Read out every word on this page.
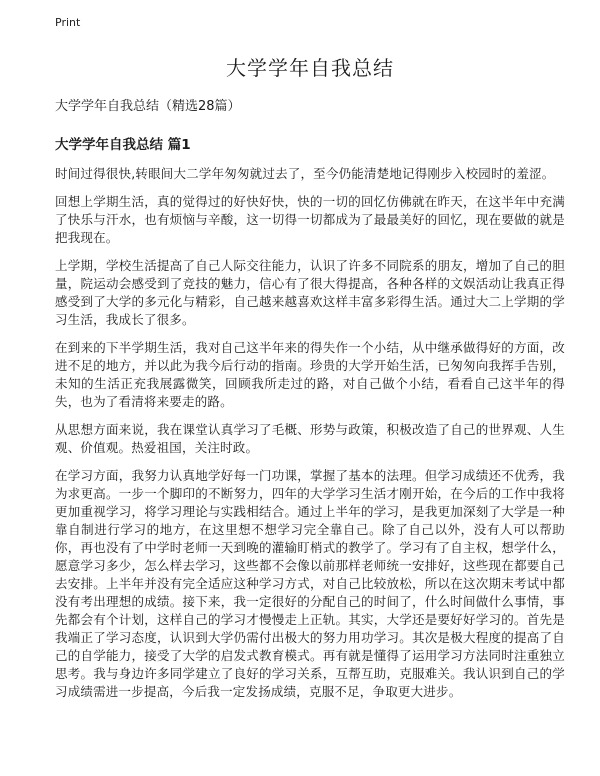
Print
大学学年自我总结

大学学年自我总结（精选28篇）

大学学年自我总结 篇1

时间过得很快,转眼间大二学年匆匆就过去了，至今仍能清楚地记得刚步入校园时的羞涩。

回想上学期生活，真的觉得过的好快好快，快的一切的回忆仿佛就在昨天，在这半年中充满了快乐与汗水，也有烦恼与辛酸，这一切得一切都成为了最最美好的回忆，现在要做的就是把我现在。

上学期，学校生活提高了自己人际交往能力，认识了许多不同院系的朋友，增加了自己的胆量，院运动会感受到了竞技的魅力，信心有了很大得提高，各种各样的文娱活动让我真正得感受到了大学的多元化与精彩，自己越来越喜欢这样丰富多彩得生活。通过大二上学期的学习生活，我成长了很多。

在到来的下半学期生活，我对自己这半年来的得失作一个小结，从中继承做得好的方面，改进不足的地方，并以此为我今后行动的指南。珍贵的大学开始生活，已匆匆向我挥手告别，未知的生活正充我展露微笑，回顾我所走过的路，对自己做个小结，看看自己这半年的得失，也为了看清将来要走的路。

从思想方面来说，我在课堂认真学习了毛概、形势与政策，积极改造了自己的世界观、人生观、价值观。热爱祖国，关注时政。

在学习方面，我努力认真地学好每一门功课，掌握了基本的法理。但学习成绩还不优秀，我为求更高。一步一个脚印的不断努力，四年的大学学习生活才刚开始，在今后的工作中我将更加重视学习，将学习理论与实践相结合。通过上半年的学习，是我更加深刻了大学是一种靠自制进行学习的地方，在这里想不想学习完全靠自己。除了自己以外，没有人可以帮助你，再也没有了中学时老师一天到晚的灌输盯梢式的教学了。学习有了自主权，想学什么，愿意学习多少，怎么样去学习，这些都不会像以前那样老师统一安排好，这些现在都要自己去安排。上半年并没有完全适应这种学习方式，对自己比较放松，所以在这次期末考试中都没有考出理想的成绩。接下来，我一定很好的分配自己的时间了，什么时间做什么事情，事先都会有个计划，这样自己的学习才慢慢走上正轨。其实，大学还是要好好学习的。首先是我端正了学习态度，认识到大学仍需付出极大的努力用功学习。其次是极大程度的提高了自己的自学能力，接受了大学的启发式教育模式。再有就是懂得了运用学习方法同时注重独立思考。我与身边许多同学建立了良好的学习关系，互帮互助，克服难关。我认识到自己的学习成绩需进一步提高，今后我一定发扬成绩，克服不足，争取更大进步。
